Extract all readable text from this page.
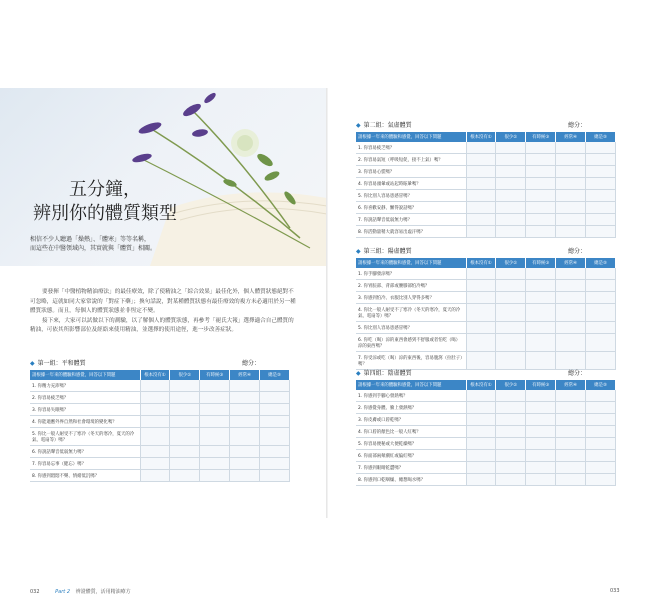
五分鐘，
辨別你的體質類型
相信不少人聽過「燥熱」、「體寒」等等名稱，
而這些在中醫領域內，其實就與「體質」相關。

要發揮「中醫植物精油療法」的最佳療效，除了使精油之「綜合效果」最佳化外，個人體質狀態絕對不可忽略，這就如同大家常說的「對症下藥」；換句話說，對某種體質狀態有最佳療效的複方未必適用於另一種體質狀態。而且，每個人的體質狀態並非恆定不變。

接下來，大家可以試做以下的測驗，以了解個人的體質狀態，再參考「褪氏大報」選擇適合自己體質的精油，可依其所影響部位及經絡來使用精油，並選擇的使用途徑，進一步改善症狀。

◆ 第一組：平和體質	總分：
請根據一年來的體驗和感覺，回答以下問題	根本沒有①	很少②	有時候③	經常④	總是⑤
1. 你精力充沛嗎？					
2. 你容易疲乏嗎？					
3. 你容易失眠嗎？					
4. 你能適應外界自然和社會環境的變化嗎？					
5. 你比一般人耐受不了寒冷（冬天的寒冷，夏天的冷氣、電扇等）嗎？					
6. 你說話聲音低弱無力嗎？					
7. 你容易忘事（健忘）嗎？					
8. 你感到悶悶不樂、情緒低沉嗎？					
032	Part 2 辨證體質，活用精油療方
◆ 第二組：氣虛體質	總分：
請根據一年來的體驗和感覺，回答以下問題	根本沒有①	很少②	有時候③	經常④	總是⑤
1. 你容易疲乏嗎？					
2. 你容易氣短（呼吸短促，接不上氣）嗎？					
3. 你容易心慌嗎？					
4. 你容易頭暈或站起時眩暈嗎？					
5. 你比別人容易患感冒嗎？					
6. 你喜歡安靜、懶得說話嗎？					
7. 你說話聲音低弱無力嗎？					
8. 你活動量稍大就容易出虛汗嗎？					
◆ 第三組：陽虛體質	總分：
請根據一年來的體驗和感覺，回答以下問題	根本沒有①	很少②	有時候③	經常④	總是⑤
1. 你手腳發涼嗎？					
2. 你胃脘部、背部或腰膝部怕冷嗎？					
3. 你感到怕冷、衣服比別人穿得多嗎？					
4. 你比一般人耐受不了寒冷（冬天的寒冷，夏天的冷氣、電扇等）嗎？					
5. 你比別人容易患感冒嗎？					
6. 你吃（喝）涼的東西會感到不舒服或者怕吃（喝）涼的東西嗎？					
7. 你受涼或吃（喝）涼的東西後，容易腹瀉（拉肚子）嗎？					
◆ 第四組：陰虛體質	總分：
請根據一年來的體驗和感覺，回答以下問題	根本沒有①	很少②	有時候③	經常④	總是⑤
1. 你感到手腳心發熱嗎？					
2. 你感覺身體、臉上發熱嗎？					
3. 你皮膚或口唇乾嗎？					
4. 你口唇的顏色比一般人紅嗎？					
5. 你容易便秘或大便乾燥嗎？					
6. 你面部兩頰潮紅或偏紅嗎？					
7. 你感到眼睛乾澀嗎？					
8. 你感到口乾咽燥、總想喝水嗎？					
033
